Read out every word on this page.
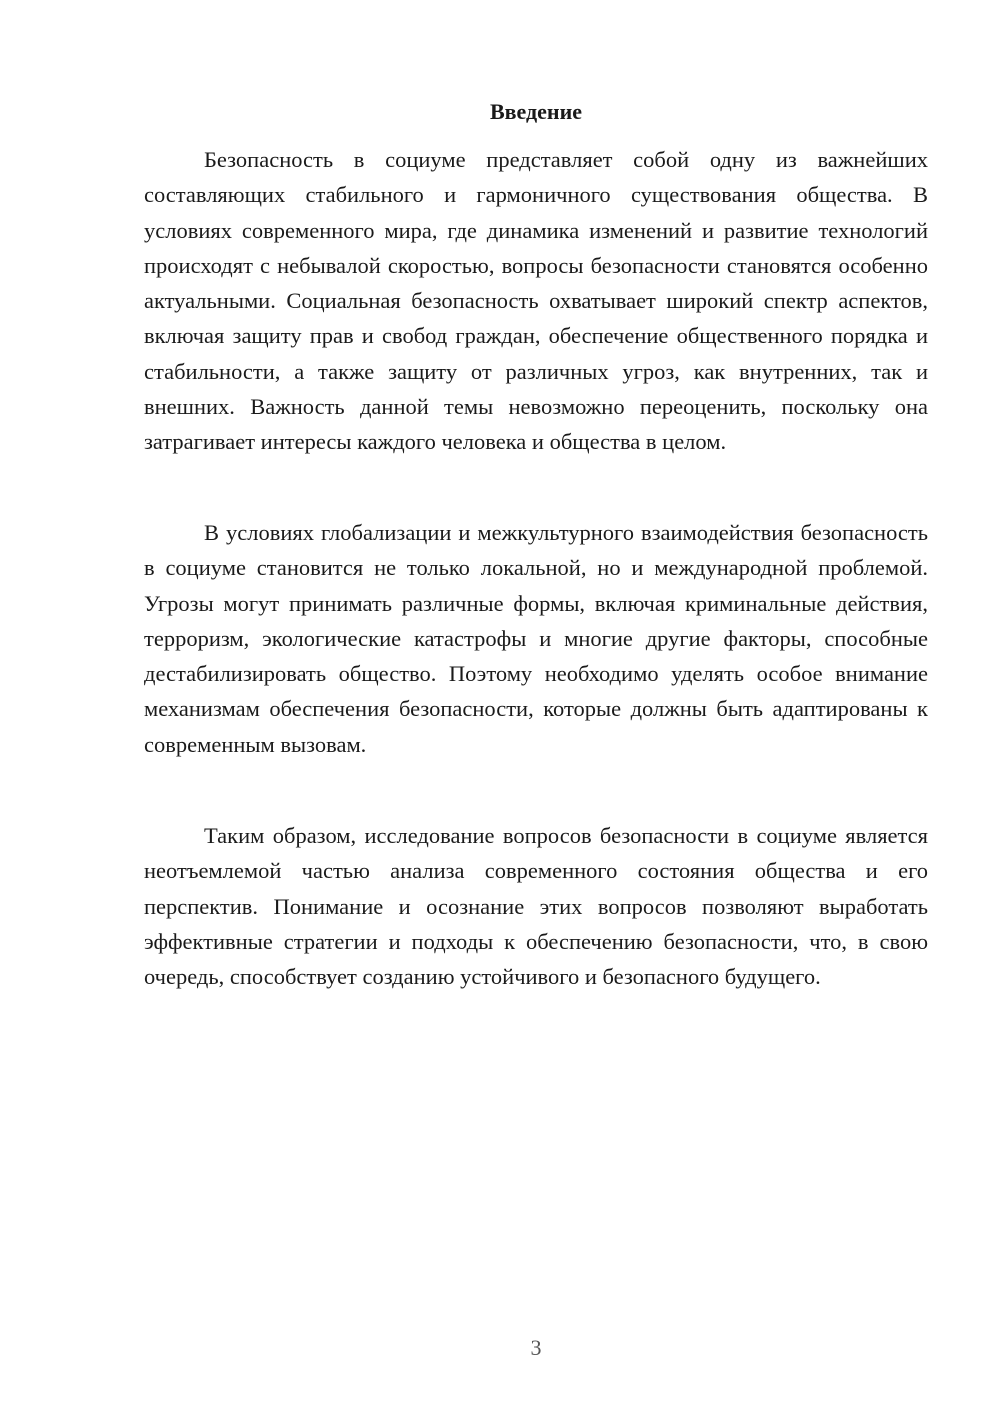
Введение

Безопасность в социуме представляет собой одну из важнейших составляющих стабильного и гармоничного существования общества. В условиях современного мира, где динамика изменений и развитие технологий происходят с небывалой скоростью, вопросы безопасности становятся особенно актуальными. Социальная безопасность охватывает широкий спектр аспектов, включая защиту прав и свобод граждан, обеспечение общественного порядка и стабильности, а также защиту от различных угроз, как внутренних, так и внешних. Важность данной темы невозможно переоценить, поскольку она затрагивает интересы каждого человека и общества в целом.

В условиях глобализации и межкультурного взаимодействия безопасность в социуме становится не только локальной, но и международной проблемой. Угрозы могут принимать различные формы, включая криминальные действия, терроризм, экологические катастрофы и многие другие факторы, способные дестабилизировать общество. Поэтому необходимо уделять особое внимание механизмам обеспечения безопасности, которые должны быть адаптированы к современным вызовам.

Таким образом, исследование вопросов безопасности в социуме является неотъемлемой частью анализа современного состояния общества и его перспектив. Понимание и осознание этих вопросов позволяют выработать эффективные стратегии и подходы к обеспечению безопасности, что, в свою очередь, способствует созданию устойчивого и безопасного будущего.

3
